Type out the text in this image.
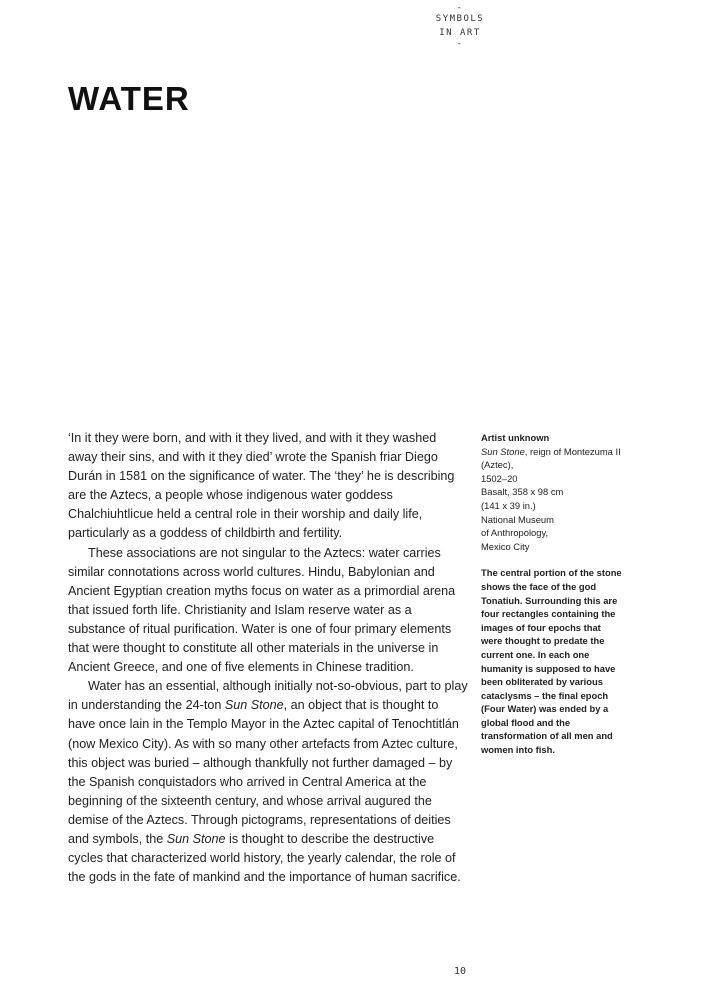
-
SYMBOLS
IN ART
-
WATER

‘In it they were born, and with it they lived, and with it they washed away their sins, and with it they died’ wrote the Spanish friar Diego Durán in 1581 on the significance of water. The ‘they’ he is describing are the Aztecs, a people whose indigenous water goddess Chalchiuhtlicue held a central role in their worship and daily life, particularly as a goddess of childbirth and fertility.

These associations are not singular to the Aztecs: water carries similar connotations across world cultures. Hindu, Babylonian and Ancient Egyptian creation myths focus on water as a primordial arena that issued forth life. Christianity and Islam reserve water as a substance of ritual purification. Water is one of four primary elements that were thought to constitute all other materials in the universe in Ancient Greece, and one of five elements in Chinese tradition.

Water has an essential, although initially not-so-obvious, part to play in understanding the 24-ton Sun Stone, an object that is thought to have once lain in the Templo Mayor in the Aztec capital of Tenochtitlán (now Mexico City). As with so many other artefacts from Aztec culture, this object was buried – although thankfully not further damaged – by the Spanish conquistadors who arrived in Central America at the beginning of the sixteenth century, and whose arrival augured the demise of the Aztecs. Through pictograms, representations of deities and symbols, the Sun Stone is thought to describe the destructive cycles that characterized world history, the yearly calendar, the role of the gods in the fate of mankind and the importance of human sacrifice.

Artist unknown
Sun Stone, reign of Montezuma II (Aztec),
1502–20
Basalt, 358 x 98 cm
(141 x 39 in.)
National Museum
of Anthropology,
Mexico City
The central portion of the stone shows the face of the god Tonatiuh. Surrounding this are four rectangles containing the images of four epochs that were thought to predate the current one. In each one humanity is supposed to have been obliterated by various cataclysms – the final epoch (Four Water) was ended by a global flood and the transformation of all men and women into fish.
10
